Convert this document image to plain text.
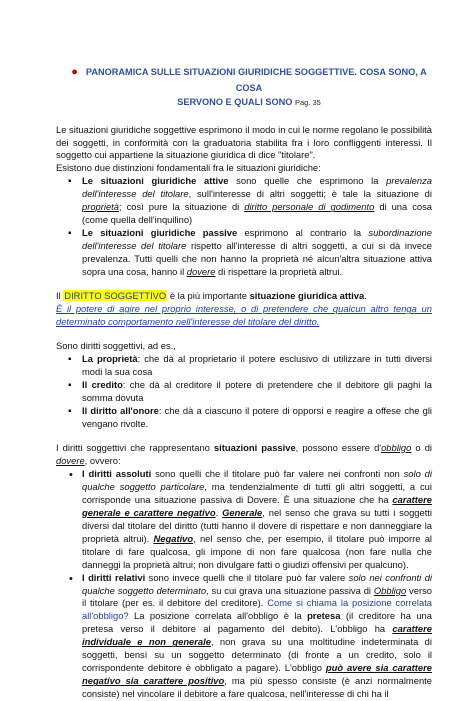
● PANORAMICA SULLE SITUAZIONI GIURIDICHE SOGGETTIVE. COSA SONO, A COSA
SERVONO E QUALI SONO Pag. 35

Le situazioni giuridiche soggettive esprimono il modo in cui le norme regolano le possibilità dei soggetti, in conformità con la graduatoria stabilita fra i loro confliggenti interessi. Il soggetto cui appartiene la situazione giuridica di dice "titolare".

Esistono due distinzioni fondamentali fra le situazioni giuridiche:

▪ Le situazioni giuridiche attive sono quelle che esprimono la prevalenza dell'interesse del titolare, sull'interesse di altri soggetti; è tale la situazione di proprietà; così pure la situazione di diritto personale di godimento di una cosa (come quella dell'inquilino)
▪ Le situazioni giuridiche passive esprimono al contrario la subordinazione dell'interesse del titolare rispetto all'interesse di altri soggetti, a cui si dà invece prevalenza. Tutti quelli che non hanno la proprietà né alcun'altra situazione attiva sopra una cosa, hanno il dovere di rispettare la proprietà altrui.

Il DIRITTO SOGGETTIVO è la più importante situazione giuridica attiva.

È il potere di agire nel proprio interesse, o di pretendere che qualcun altro tenga un determinato comportamento nell'interesse del titolare del diritto.

Sono diritti soggettivi, ad es.,

▪ La proprietà: che dà al proprietario il potere esclusivo di utilizzare in tutti diversi modi la sua cosa
▪ Il credito: che dà al creditore il potere di pretendere che il debitore gli paghi la somma dovuta
▪ Il diritto all'onore: che dà a ciascuno il potere di opporsi e reagire a offese che gli vengano rivolte.

I diritti soggettivi che rappresentano situazioni passive, possono essere d'obbligo o di dovere, ovvero:

• I diritti assoluti sono quelli che il titolare può far valere nei confronti non solo di qualche soggetto particolare, ma tendenzialmente di tutti gli altri soggetti, a cui corrisponde una situazione passiva di Dovere. È una situazione che ha carattere generale e carattere negativo. Generale, nel senso che grava su tutti i soggetti diversi dal titolare del diritto (tutti hanno il dovere di rispettare e non danneggiare la proprietà altrui). Negativo, nel senso che, per esempio, il titolare può imporre al titolare di fare qualcosa, gli impone di non fare qualcosa (non fare nulla che danneggi la proprietà altrui; non divulgare fatti o giudizi offensivi per qualcuno).
• I diritti relativi sono invece quelli che il titolare può far valere solo nei confronti di qualche soggetto determinato, su cui grava una situazione passiva di Obbligo verso il titolare (per es. il debitore del creditore). Come si chiama la posizione correlata all'obbligo? La posizione correlata all'obbligo è la pretesa (il creditore ha una pretesa verso il debitore al pagamento del debito). L'obbligo ha carattere individuale e non generale, non grava su una moltitudine indeterminata di soggetti, bensì su un soggetto determinato (di fronte a un credito, solo il corrispondente debitore è obbligato a pagare). L'obbligo può avere sia carattere negativo sia carattere positivo, ma più spesso consiste (è anzi normalmente consiste) nel vincolare il debitore a fare qualcosa, nell'interesse di chi ha il
